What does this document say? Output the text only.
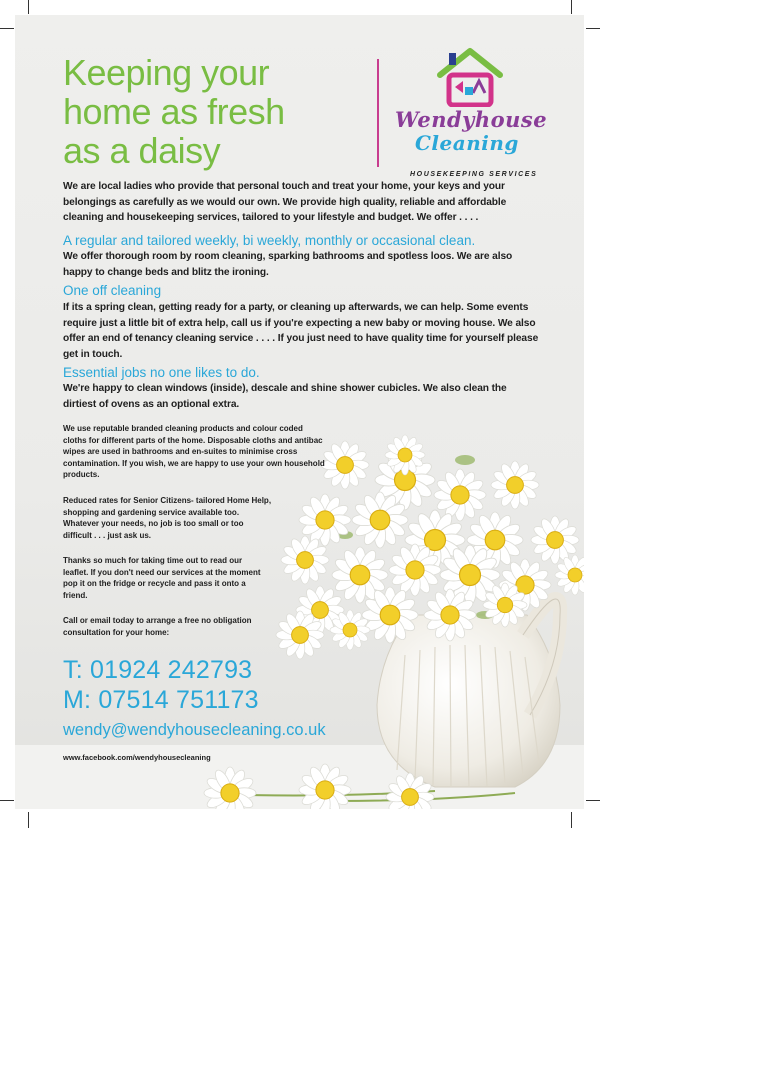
Keeping your
home as fresh
as a daisy
Wendyhouse
Cleaning
HOUSEKEEPING SERVICES

We are local ladies who provide that personal touch and treat your home, your keys and your belongings as carefully as we would our own. We provide high quality, reliable and affordable cleaning and housekeeping services, tailored to your lifestyle and budget. We offer . . . .

A regular and tailored weekly, bi weekly, monthly or occasional clean.

We offer thorough room by room cleaning, sparking bathrooms and spotless loos. We are also happy to change beds and blitz the ironing.

One off cleaning

If its a spring clean, getting ready for a party, or cleaning up afterwards, we can help. Some events require just a little bit of extra help, call us if you're expecting a new baby or moving house. We also offer an end of tenancy cleaning service . . . . If you just need to have quality time for yourself please get in touch.

Essential jobs no one likes to do.

We're happy to clean windows (inside), descale and shine shower cubicles. We also clean the dirtiest of ovens as an optional extra.

We use reputable branded cleaning products and colour coded cloths for different parts of the home. Disposable cloths and antibac wipes are used in bathrooms and en-suites to minimise cross contamination. If you wish, we are happy to use your own household products.

Reduced rates for Senior Citizens- tailored Home Help, shopping and gardening service available too. Whatever your needs, no job is too small or too difficult . . . just ask us.

Thanks so much for taking time out to read our leaflet. If you don't need our services at the moment pop it on the fridge or recycle and pass it onto a friend.

Call or email today to arrange a free no obligation consultation for your home:

T: 01924 242793

M: 07514 751173

wendy@wendyhousecleaning.co.uk

www.facebook.com/wendyhousecleaning
